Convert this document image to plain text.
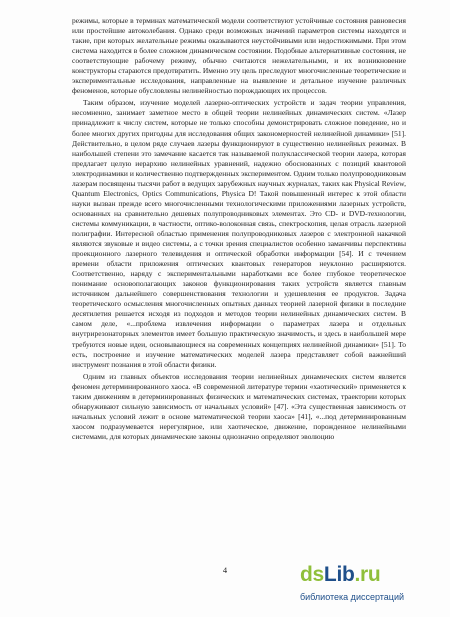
режимы, которые в терминах математической модели соответствуют устойчивые состояния равновесия или простейшие автоколебания. Однако среди возможных значений параметров системы находятся и такие, при которых желательные режимы оказываются неустойчивыми или недостижимыми. При этом система находится в более сложном динамическом состоянии. Подобные альтернативные состояния, не соответствующие рабочему режиму, обычно считаются нежелательными, и их возникновение конструкторы стараются предотвратить. Именно эту цель преследуют многочисленные теоретические и экспериментальные исследования, направленные на выявление и детальное изучение различных феноменов, которые обусловлены нелинейностью порождающих их процессов.

Таким образом, изучение моделей лазерно-оптических устройств и задач теории управления, несомненно, занимает заметное место в общей теории нелинейных динамических систем. «Лазер принадлежит к числу систем, которые не только способны демонстрировать сложное поведение, но и более многих других пригодны для исследования общих закономерностей нелинейной динамики» [51]. Действительно, в целом ряде случаев лазеры функционируют в существенно нелинейных режимах. В наибольшей степени это замечание касается так называемой полуклассической теории лазера, которая предлагает целую иерархию нелинейных уравнений, надежно обоснованных с позиций квантовой электродинамики и количественно подтвержденных экспериментом. Одним только полупроводниковым лазерам посвящены тысячи работ в ведущих зарубежных научных журналах, таких как Physical Review, Quantum Electronics, Optics Communications, Physica D! Такой повышенный интерес к этой области науки вызван прежде всего многочисленными технологическими приложениями лазерных устройств, основанных на сравнительно дешевых полупроводниковых элементах. Это CD- и DVD-технологии, системы коммуникации, в частности, оптико-волоконная связь, спектроскопия, целая отрасль лазерной полиграфии. Интересной областью применения полупроводниковых лазеров с электронной накачкой являются звуковые и видео системы, а с точки зрения специалистов особенно заманчивы перспективы проекционного лазерного телевидения и оптической обработки информации [54]. И с течением времени области приложения оптических квантовых генераторов неуклонно расширяются. Соответственно, наряду с экспериментальными наработками все более глубокое теоретическое понимание основополагающих законов функционирования таких устройств является главным источником дальнейшего совершенствования технологии и удешевления ее продуктов. Задача теоретического осмысления многочисленных опытных данных теорией лазерной физики в последние десятилетия решается исходя из подходов и методов теории нелинейных динамических систем. В самом деле, «...проблема извлечения информации о параметрах лазера и отдельных внутрирезонаторных элементов имеет большую практическую значимость, и здесь в наибольшей мере требуются новые идеи, основывающиеся на современных концепциях нелинейной динамики» [51]. То есть, построение и изучение математических моделей лазера представляет собой важнейший инструмент познания в этой области физики.

Одним из главных объектов исследования теории нелинейных динамических систем является феномен детерминированного хаоса. «В современной литературе термин «хаотический» применяется к таким движениям в детерминированных физических и математических системах, траектории которых обнаруживают сильную зависимость от начальных условий» [47]. «Эта существенная зависимость от начальных условий лежит в основе математической теории хаоса» [41], «...под детерминированным хаосом подразумевается нерегулярное, или хаотическое, движение, порожденное нелинейными системами, для которых динамические законы однозначно определяют эволюцию

4	dsLib.ru
библиотека диссертаций
